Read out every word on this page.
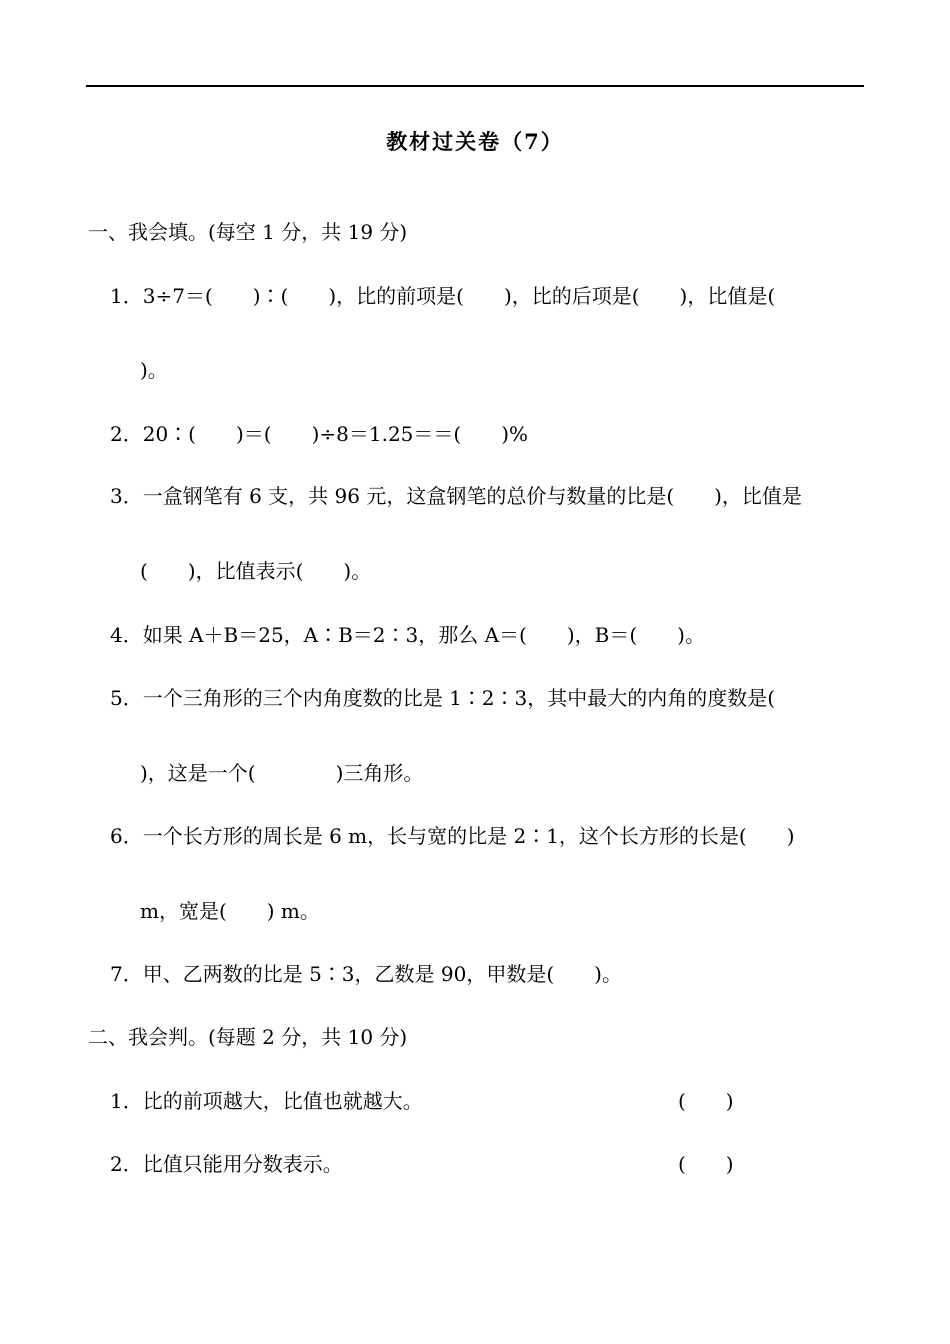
教材过关卷（7）
一、我会填。(每空 1 分，共 19 分)
1．3÷7＝(　　)∶(　　)，比的前项是(　　)，比的后项是(　　)，比值是(
)。
2．20∶(　　)＝(　　)÷8＝1.25＝＝(　　)%
3．一盒钢笔有 6 支，共 96 元，这盒钢笔的总价与数量的比是(　　)，比值是
(　　)，比值表示(　　)。
4．如果 A＋B＝25，A∶B＝2∶3，那么 A＝(　　)，B＝(　　)。
5．一个三角形的三个内角度数的比是 1∶2∶3，其中最大的内角的度数是(
)，这是一个(　　　　)三角形。
6．一个长方形的周长是 6 m，长与宽的比是 2∶1，这个长方形的长是(　　)
m，宽是(　　) m。
7．甲、乙两数的比是 5∶3，乙数是 90，甲数是(　　)。
二、我会判。(每题 2 分，共 10 分)
1．比的前项越大，比值也就越大。	(　　)
2．比值只能用分数表示。	(　　)
